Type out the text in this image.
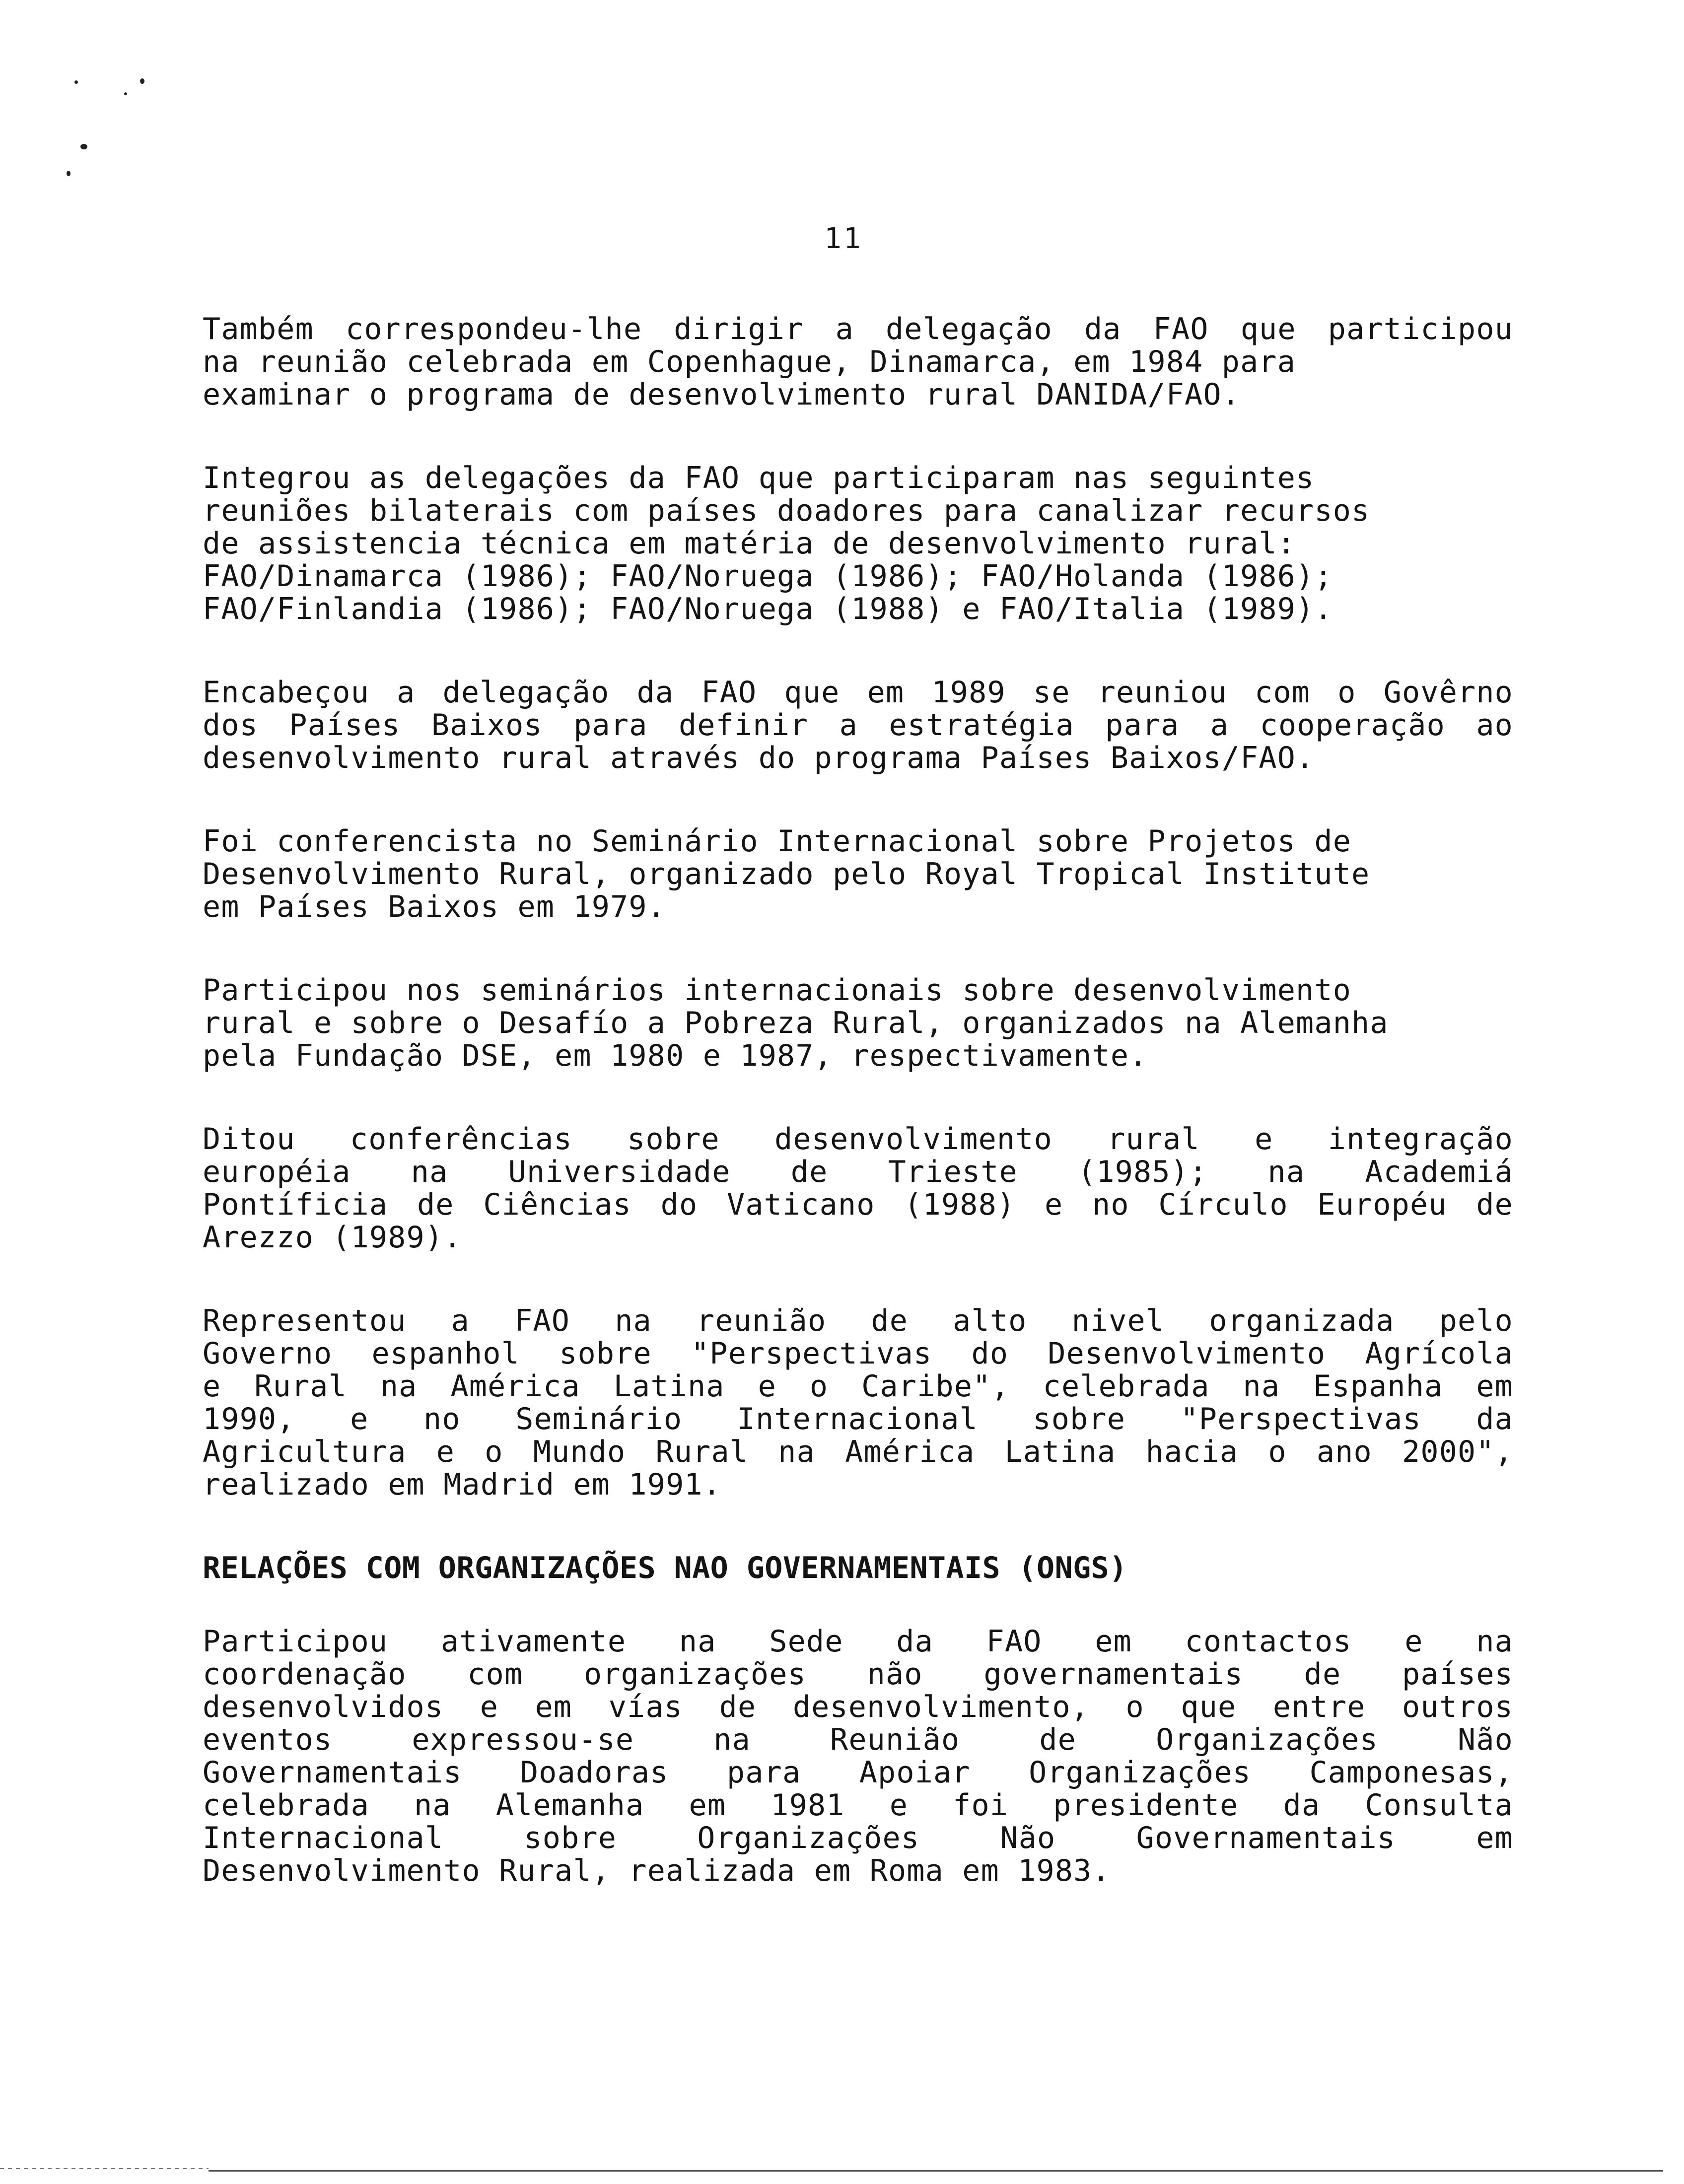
11

Também correspondeu-lhe dirigir a delegação da FAO que participou
na reunião celebrada em Copenhague, Dinamarca, em 1984 para
examinar o programa de desenvolvimento rural DANIDA/FAO.

Integrou as delegações da FAO que participaram nas seguintes
reuniões bilaterais com países doadores para canalizar recursos
de assistencia técnica em matéria de desenvolvimento rural:
FAO/Dinamarca (1986); FAO/Noruega (1986); FAO/Holanda (1986);
FAO/Finlandia (1986); FAO/Noruega (1988) e FAO/Italia (1989).

Encabeçou a delegação da FAO que em 1989 se reuniou com o Govêrno
dos Países Baixos para definir a estratégia para a cooperação ao
desenvolvimento rural através do programa Países Baixos/FAO.

Foi conferencista no Seminário Internacional sobre Projetos de
Desenvolvimento Rural, organizado pelo Royal Tropical Institute
em Países Baixos em 1979.

Participou nos seminários internacionais sobre desenvolvimento
rural e sobre o Desafío a Pobreza Rural, organizados na Alemanha
pela Fundação DSE, em 1980 e 1987, respectivamente.

Ditou conferências sobre desenvolvimento rural e integração
européia na Universidade de Trieste (1985); na Academiá
Pontíficia de Ciências do Vaticano (1988) e no Círculo Européu de
Arezzo (1989).

Representou a FAO na reunião de alto nivel organizada pelo
Governo espanhol sobre "Perspectivas do Desenvolvimento Agrícola
e Rural na América Latina e o Caribe", celebrada na Espanha em
1990, e no Seminário Internacional sobre "Perspectivas da
Agricultura e o Mundo Rural na América Latina hacia o ano 2000",
realizado em Madrid em 1991.

RELAÇÕES COM ORGANIZAÇÕES NAO GOVERNAMENTAIS (ONGS)

Participou ativamente na Sede da FAO em contactos e na
coordenação com organizações não governamentais de países
desenvolvidos e em vías de desenvolvimento, o que entre outros
eventos expressou-se na Reunião de Organizações Não
Governamentais Doadoras para Apoiar Organizações Camponesas,
celebrada na Alemanha em 1981 e foi presidente da Consulta
Internacional sobre Organizações Não Governamentais em
Desenvolvimento Rural, realizada em Roma em 1983.
